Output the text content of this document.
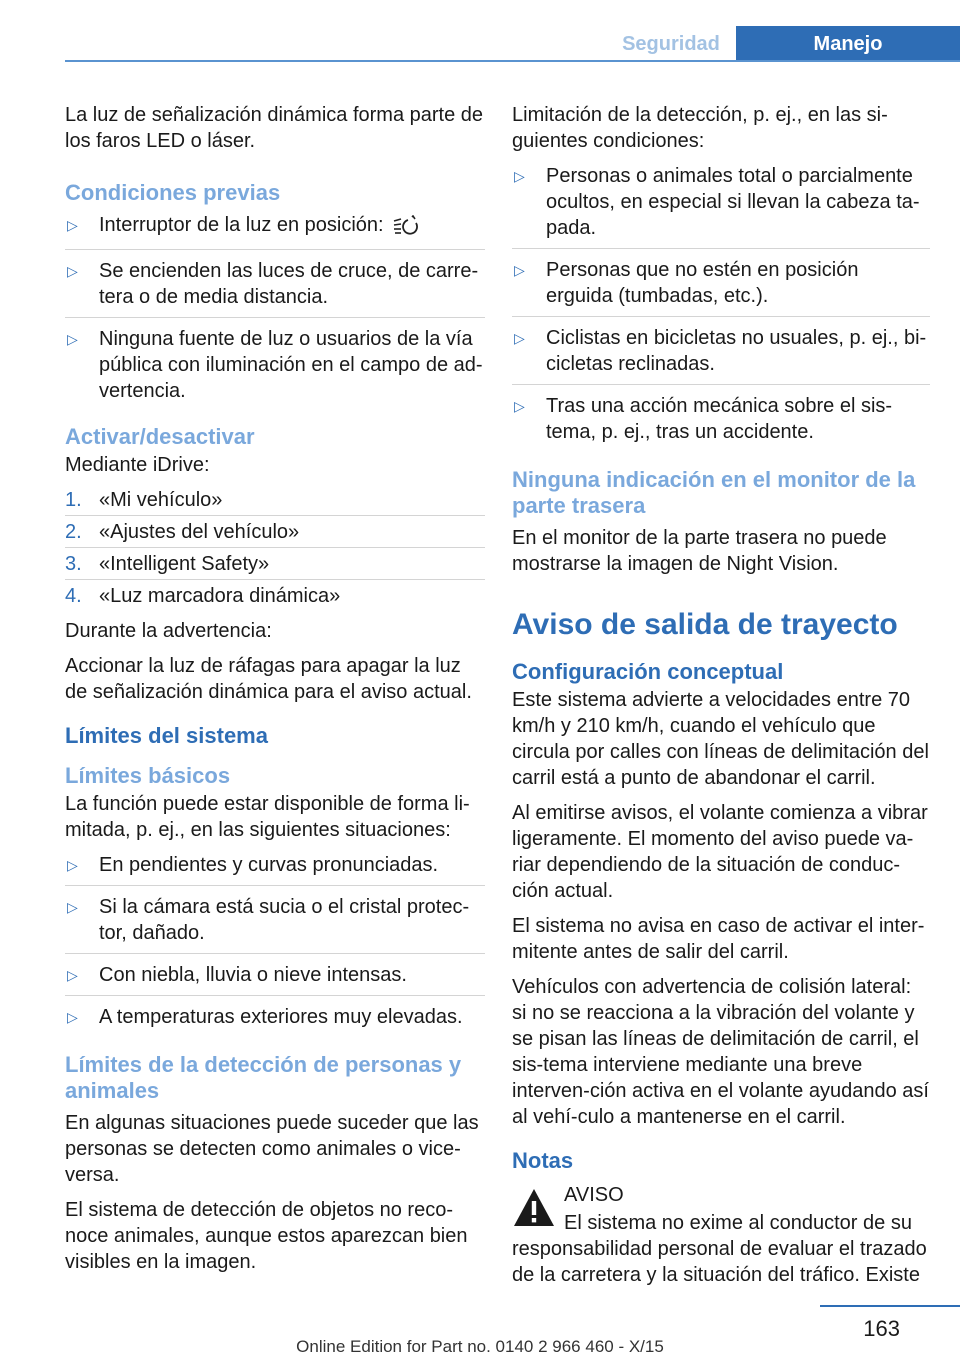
Seguridad	Manejo

La luz de señalización dinámica forma parte de los faros LED o láser.

Condiciones previas
▷ Interruptor de la luz en posición:
▷ Se encienden las luces de cruce, de carre-tera o de media distancia.
▷ Ninguna fuente de luz o usuarios de la vía pública con iluminación en el campo de ad-vertencia.
Activar/desactivar

Mediante iDrive:

1. «Mi vehículo»
2. «Ajustes del vehículo»
3. «Intelligent Safety»
4. «Luz marcadora dinámica»

Durante la advertencia:

Accionar la luz de ráfagas para apagar la luz de señalización dinámica para el aviso actual.

Límites del sistema
Límites básicos

La función puede estar disponible de forma li-mitada, p. ej., en las siguientes situaciones:

▷ En pendientes y curvas pronunciadas.
▷ Si la cámara está sucia o el cristal protec-tor, dañado.
▷ Con niebla, lluvia o nieve intensas.
▷ A temperaturas exteriores muy elevadas.
Límites de la detección de personas y animales

En algunas situaciones puede suceder que las personas se detecten como animales o vice-versa.

El sistema de detección de objetos no reco-noce animales, aunque estos aparezcan bien visibles en la imagen.

Limitación de la detección, p. ej., en las si-guientes condiciones:

▷ Personas o animales total o parcialmente ocultos, en especial si llevan la cabeza ta-pada.
▷ Personas que no estén en posición erguida (tumbadas, etc.).
▷ Ciclistas en bicicletas no usuales, p. ej., bi-cicletas reclinadas.
▷ Tras una acción mecánica sobre el sis-tema, p. ej., tras un accidente.
Ninguna indicación en el monitor de la parte trasera

En el monitor de la parte trasera no puede mostrarse la imagen de Night Vision.

Aviso de salida de trayecto
Configuración conceptual

Este sistema advierte a velocidades entre 70 km/h y 210 km/h, cuando el vehículo que circula por calles con líneas de delimitación del carril está a punto de abandonar el carril.

Al emitirse avisos, el volante comienza a vibrar ligeramente. El momento del aviso puede va-riar dependiendo de la situación de conduc-ción actual.

El sistema no avisa en caso de activar el inter-mitente antes de salir del carril.

Vehículos con advertencia de colisión lateral: si no se reacciona a la vibración del volante y se pisan las líneas de delimitación de carril, el sis-tema interviene mediante una breve interven-ción activa en el volante ayudando así al vehí-culo a mantenerse en el carril.

Notas
AVISO

El sistema no exime al conductor de su responsabilidad personal de evaluar el trazado de la carretera y la situación del tráfico. Existe

163
Online Edition for Part no. 0140 2 966 460 - X/15
